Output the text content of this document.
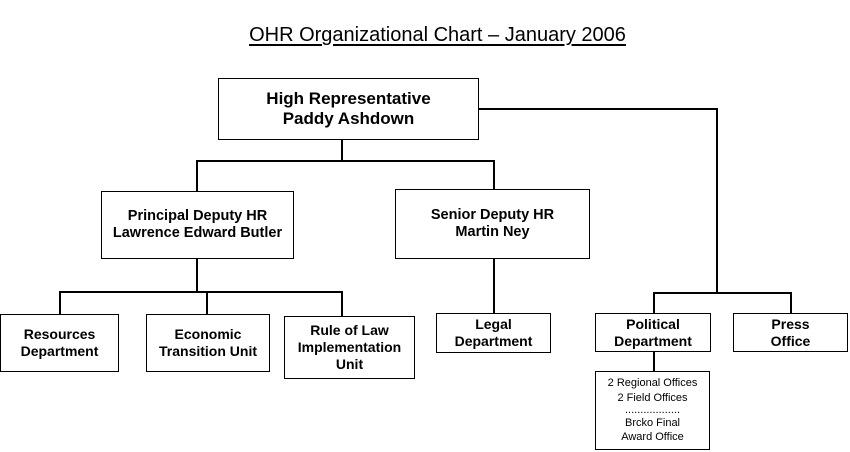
OHR Organizational Chart – January 2006
High Representative
Paddy Ashdown
Principal Deputy HR
Lawrence Edward Butler
Senior Deputy HR
Martin Ney
Resources
Department
Economic
Transition Unit
Rule of Law
Implementation
Unit
Legal
Department
Political
Department
Press
Office
2 Regional Offices
2 Field Offices
..................
Brcko Final
Award Office
